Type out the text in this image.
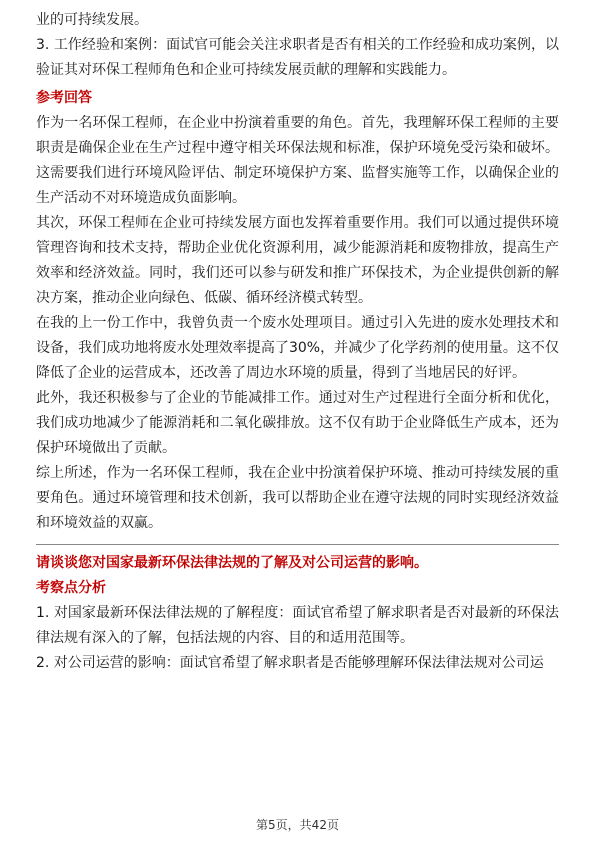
业的可持续发展。

3. 工作经验和案例：面试官可能会关注求职者是否有相关的工作经验和成功案例，以验证其对环保工程师角色和企业可持续发展贡献的理解和实践能力。

参考回答

作为一名环保工程师，在企业中扮演着重要的角色。首先，我理解环保工程师的主要职责是确保企业在生产过程中遵守相关环保法规和标准，保护环境免受污染和破坏。这需要我们进行环境风险评估、制定环境保护方案、监督实施等工作，以确保企业的生产活动不对环境造成负面影响。

其次，环保工程师在企业可持续发展方面也发挥着重要作用。我们可以通过提供环境管理咨询和技术支持，帮助企业优化资源利用，减少能源消耗和废物排放，提高生产效率和经济效益。同时，我们还可以参与研发和推广环保技术，为企业提供创新的解决方案，推动企业向绿色、低碳、循环经济模式转型。

在我的上一份工作中，我曾负责一个废水处理项目。通过引入先进的废水处理技术和设备，我们成功地将废水处理效率提高了30%，并减少了化学药剂的使用量。这不仅降低了企业的运营成本，还改善了周边水环境的质量，得到了当地居民的好评。

此外，我还积极参与了企业的节能减排工作。通过对生产过程进行全面分析和优化，我们成功地减少了能源消耗和二氧化碳排放。这不仅有助于企业降低生产成本，还为保护环境做出了贡献。

综上所述，作为一名环保工程师，我在企业中扮演着保护环境、推动可持续发展的重要角色。通过环境管理和技术创新，我可以帮助企业在遵守法规的同时实现经济效益和环境效益的双赢。

请谈谈您对国家最新环保法律法规的了解及对公司运营的影响。

考察点分析

1. 对国家最新环保法律法规的了解程度：面试官希望了解求职者是否对最新的环保法律法规有深入的了解，包括法规的内容、目的和适用范围等。

2. 对公司运营的影响：面试官希望了解求职者是否能够理解环保法律法规对公司运

第5页，共42页
